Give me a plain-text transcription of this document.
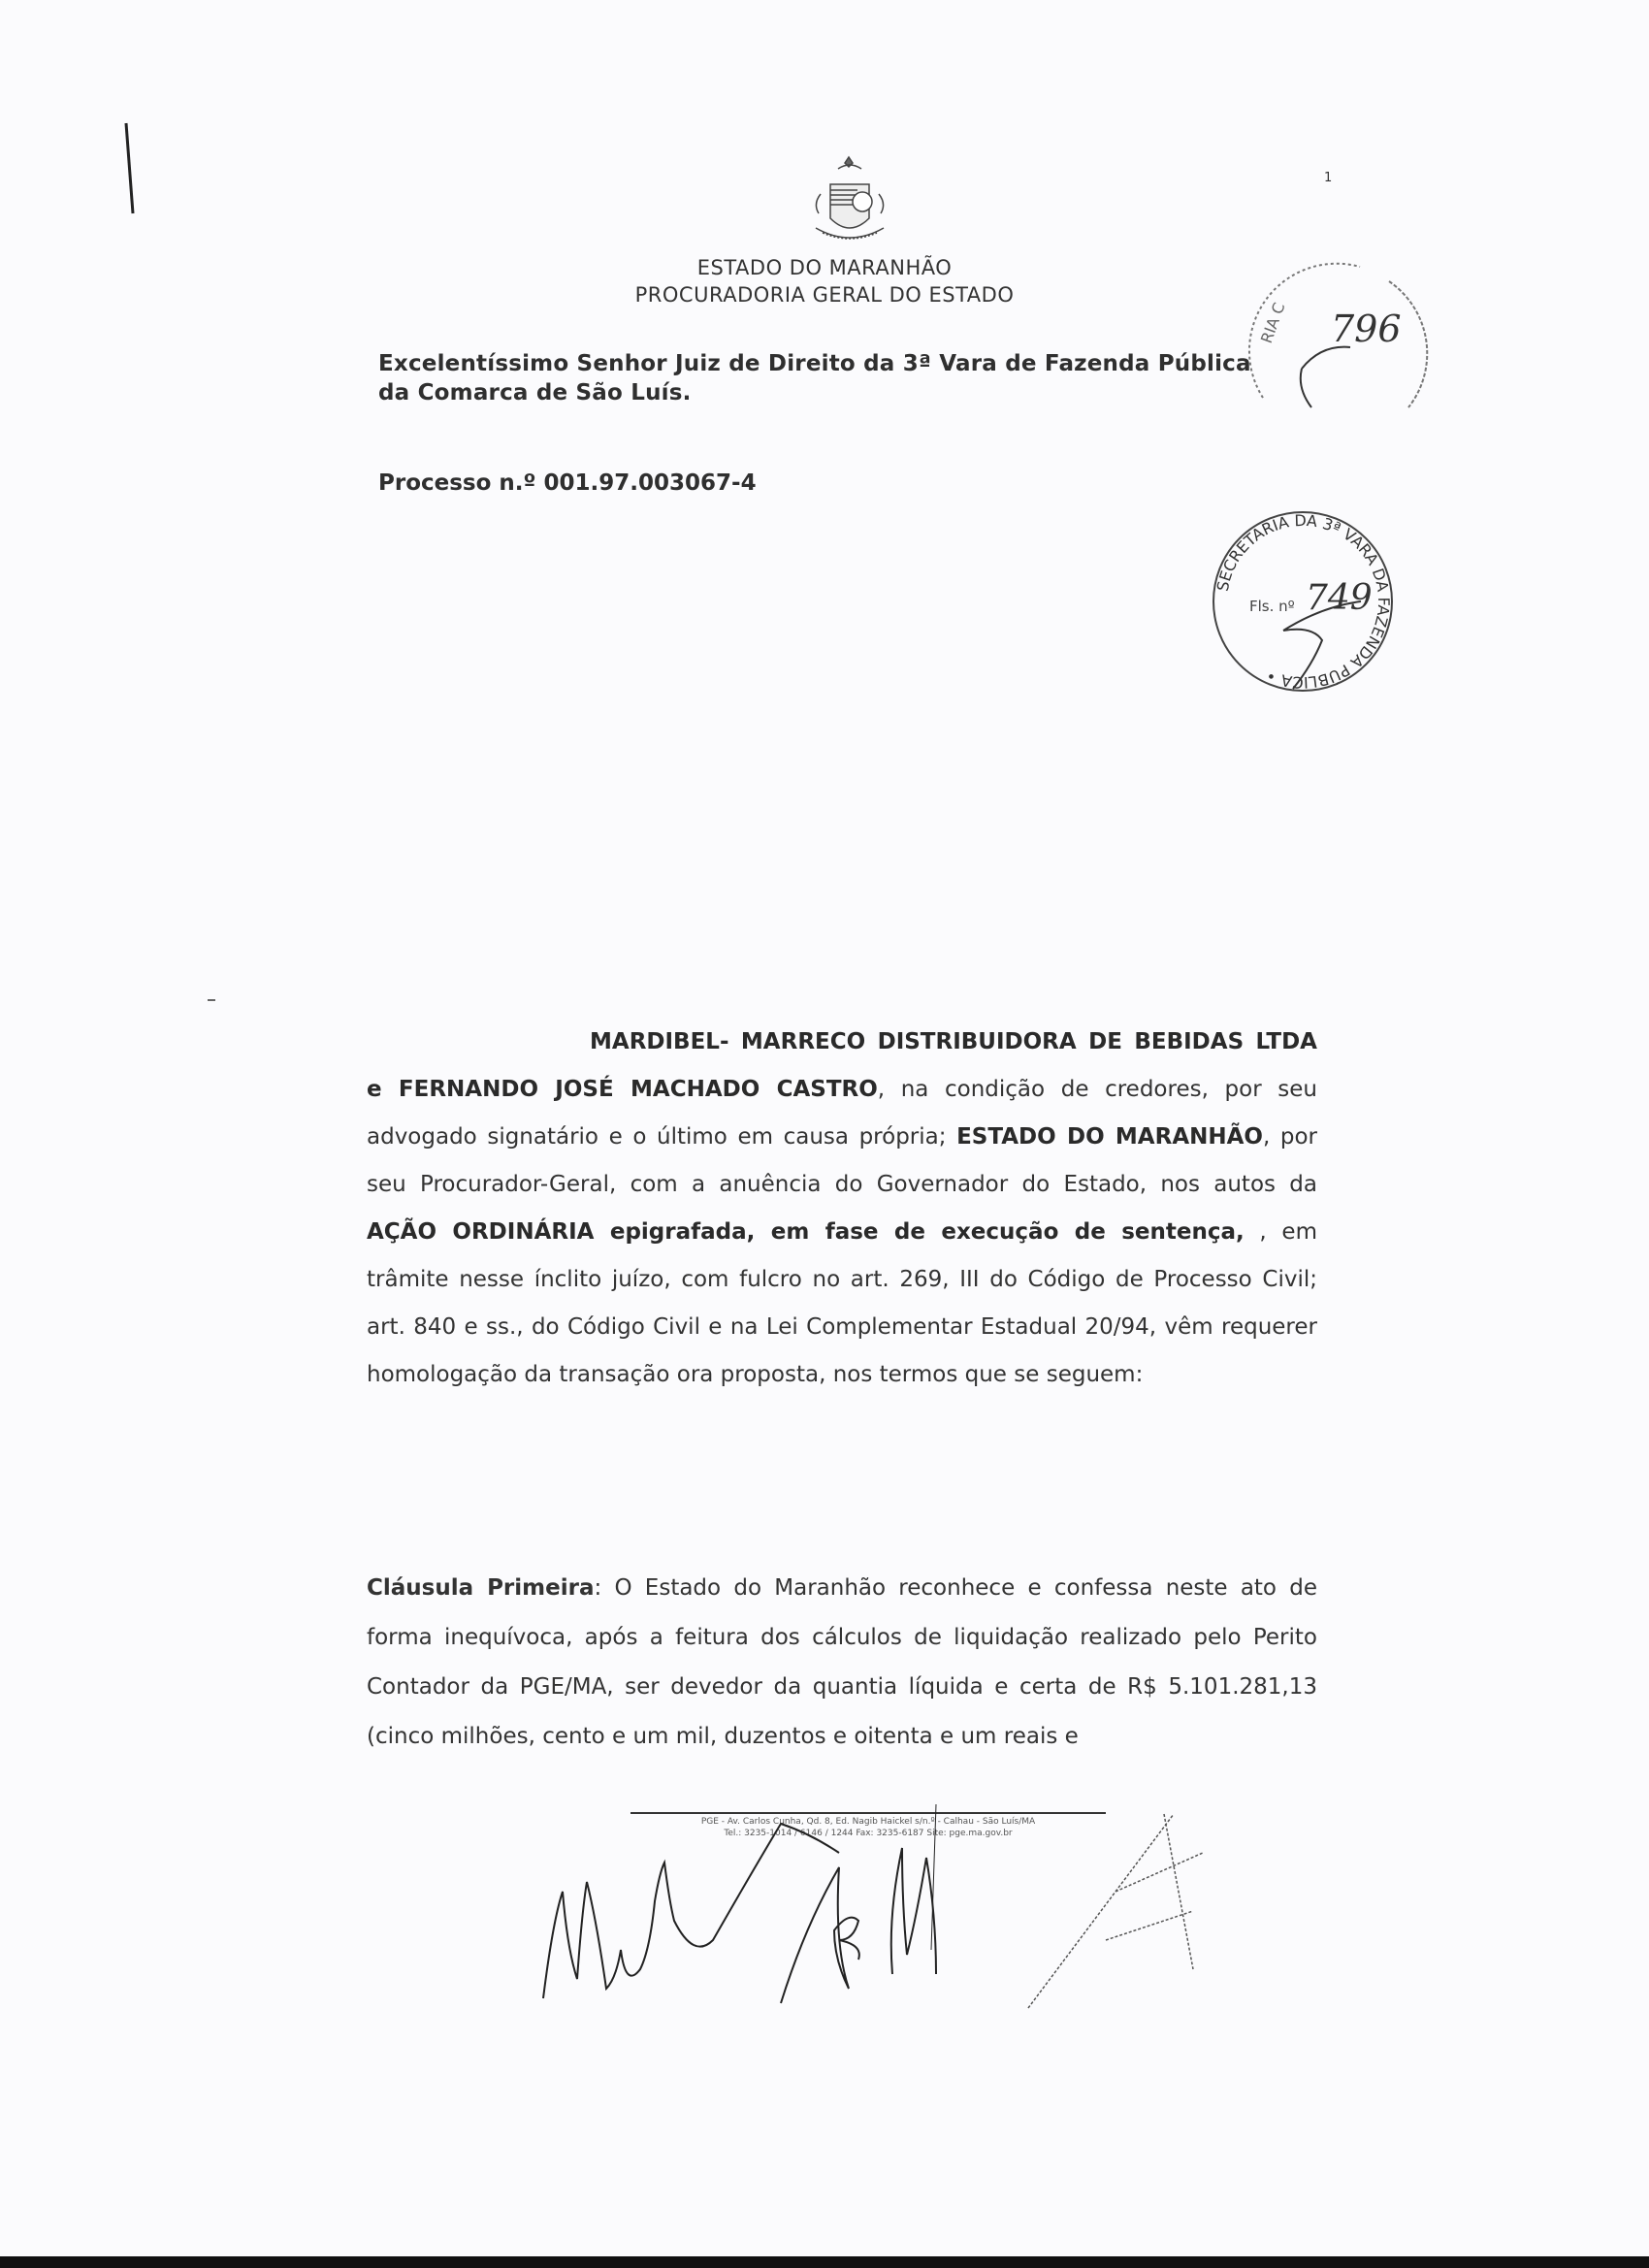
1
ESTADO DO MARANHÃO
PROCURADORIA GERAL DO ESTADO
Excelentíssimo Senhor Juiz de Direito da 3ª Vara de Fazenda Pública
da Comarca de São Luís.
Processo n.º 001.97.003067-4
RIA C 796
SECRETARIA DA 3ª VARA DA FAZENDA PÚBLICA •
Fls. nº 749
MARDIBEL- MARRECO DISTRIBUIDORA DE BEBIDAS LTDA e FERNANDO JOSÉ MACHADO CASTRO, na condição de credores, por seu advogado signatário e o último em causa própria; ESTADO DO MARANHÃO, por seu Procurador-Geral, com a anuência do Governador do Estado, nos autos da AÇÃO ORDINÁRIA epigrafada, em fase de execução de sentença, , em trâmite nesse ínclito juízo, com fulcro no art. 269, III do Código de Processo Civil; art. 840 e ss., do Código Civil e na Lei Complementar Estadual 20/94, vêm requerer homologação da transação ora proposta, nos termos que se seguem:
Cláusula Primeira: O Estado do Maranhão reconhece e confessa neste ato de forma inequívoca, após a feitura dos cálculos de liquidação realizado pelo Perito Contador da PGE/MA, ser devedor da quantia líquida e certa de R$ 5.101.281,13 (cinco milhões, cento e um mil, duzentos e oitenta e um reais e
PGE - Av. Carlos Cunha, Qd. 8, Ed. Nagib Haickel s/n.º - Calhau - São Luís/MA
Tel.: 3235-1014 / 6146 / 1244 Fax: 3235-6187 Site: pge.ma.gov.br
